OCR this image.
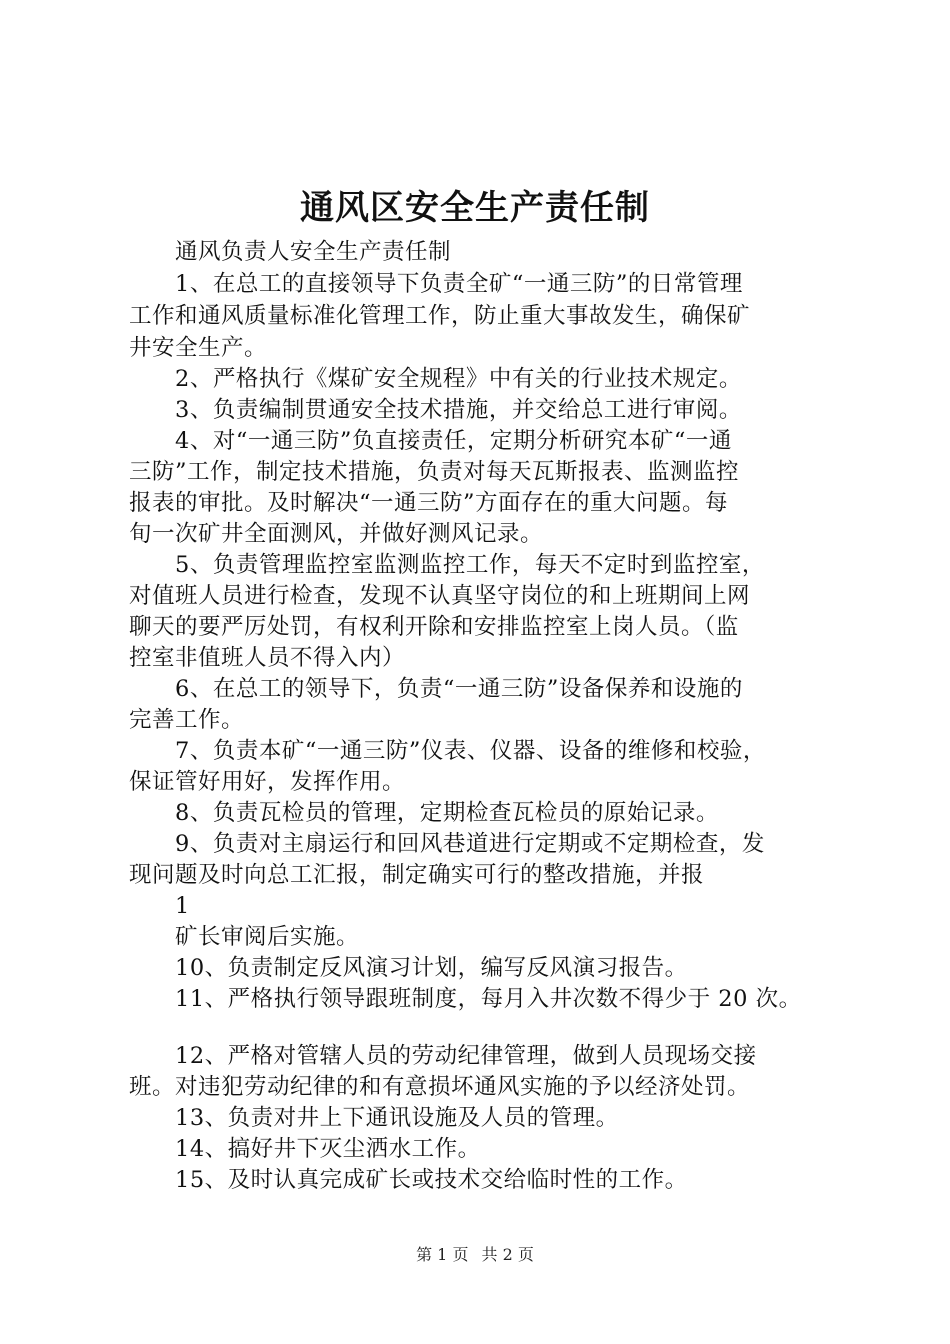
通风区安全生产责任制
通风负责人安全生产责任制
1、在总工的直接领导下负责全矿“一通三防”的日常管理
工作和通风质量标准化管理工作，防止重大事故发生，确保矿
井安全生产。
2、严格执行《煤矿安全规程》中有关的行业技术规定。
3、负责编制贯通安全技术措施，并交给总工进行审阅。
4、对“一通三防”负直接责任，定期分析研究本矿“一通
三防”工作，制定技术措施，负责对每天瓦斯报表、监测监控
报表的审批。及时解决“一通三防”方面存在的重大问题。每
旬一次矿井全面测风，并做好测风记录。
5、负责管理监控室监测监控工作，每天不定时到监控室，
对值班人员进行检查，发现不认真坚守岗位的和上班期间上网
聊天的要严厉处罚，有权利开除和安排监控室上岗人员。（监
控室非值班人员不得入内）
6、在总工的领导下，负责“一通三防”设备保养和设施的
完善工作。
7、负责本矿“一通三防”仪表、仪器、设备的维修和校验，
保证管好用好，发挥作用。
8、负责瓦检员的管理，定期检查瓦检员的原始记录。
9、负责对主扇运行和回风巷道进行定期或不定期检查，发
现问题及时向总工汇报，制定确实可行的整改措施，并报
1
矿长审阅后实施。
10、负责制定反风演习计划，编写反风演习报告。
11、严格执行领导跟班制度，每月入井次数不得少于 20 次。
12、严格对管辖人员的劳动纪律管理，做到人员现场交接
班。对违犯劳动纪律的和有意损坏通风实施的予以经济处罚。
13、负责对井上下通讯设施及人员的管理。
14、搞好井下灭尘洒水工作。
15、及时认真完成矿长或技术交给临时性的工作。
第 1 页 共 2 页
